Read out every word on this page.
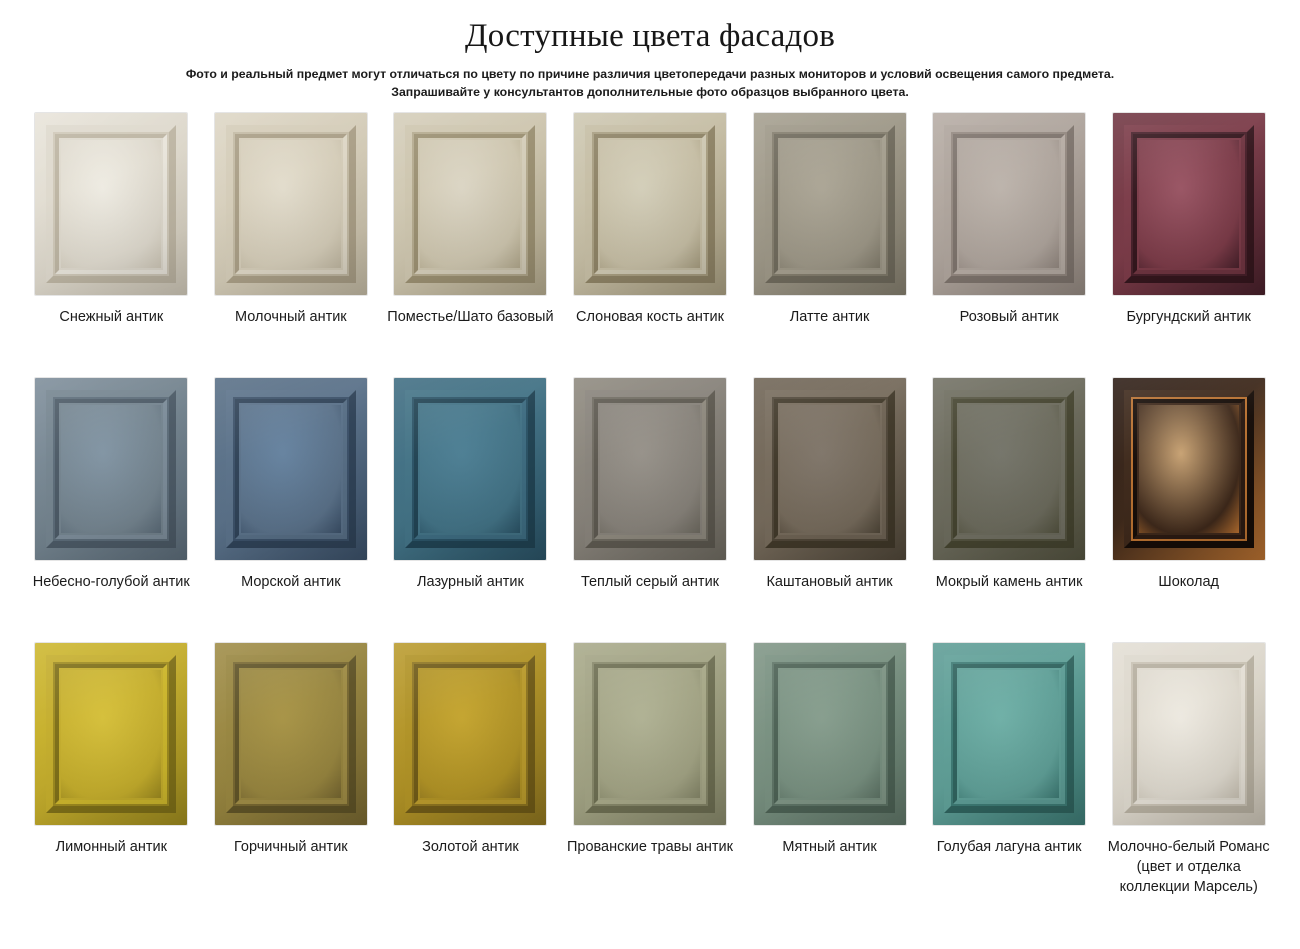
Доступные цвета фасадов
Фото и реальный предмет могут отличаться по цвету по причине различия цветопередачи разных мониторов и условий освещения самого предмета.
Запрашивайте у консультантов дополнительные фото образцов выбранного цвета.
Снежный антик	Молочный антик	Поместье/Шато базовый Слоновая кость антик	Латте антик	Розовый антик	Бургундский антик
Небесно-голубой антик	Морской антик	Лазурный антик	Теплый серый антик	Каштановый антик	Мокрый камень антик	Шоколад
Лимонный антик	Горчичный антик	Золотой антик	Прованские травы антик	Мятный антик	Голубая лагуна антик Молочно-белый Романс (цвет и отделка коллекции Марсель)
